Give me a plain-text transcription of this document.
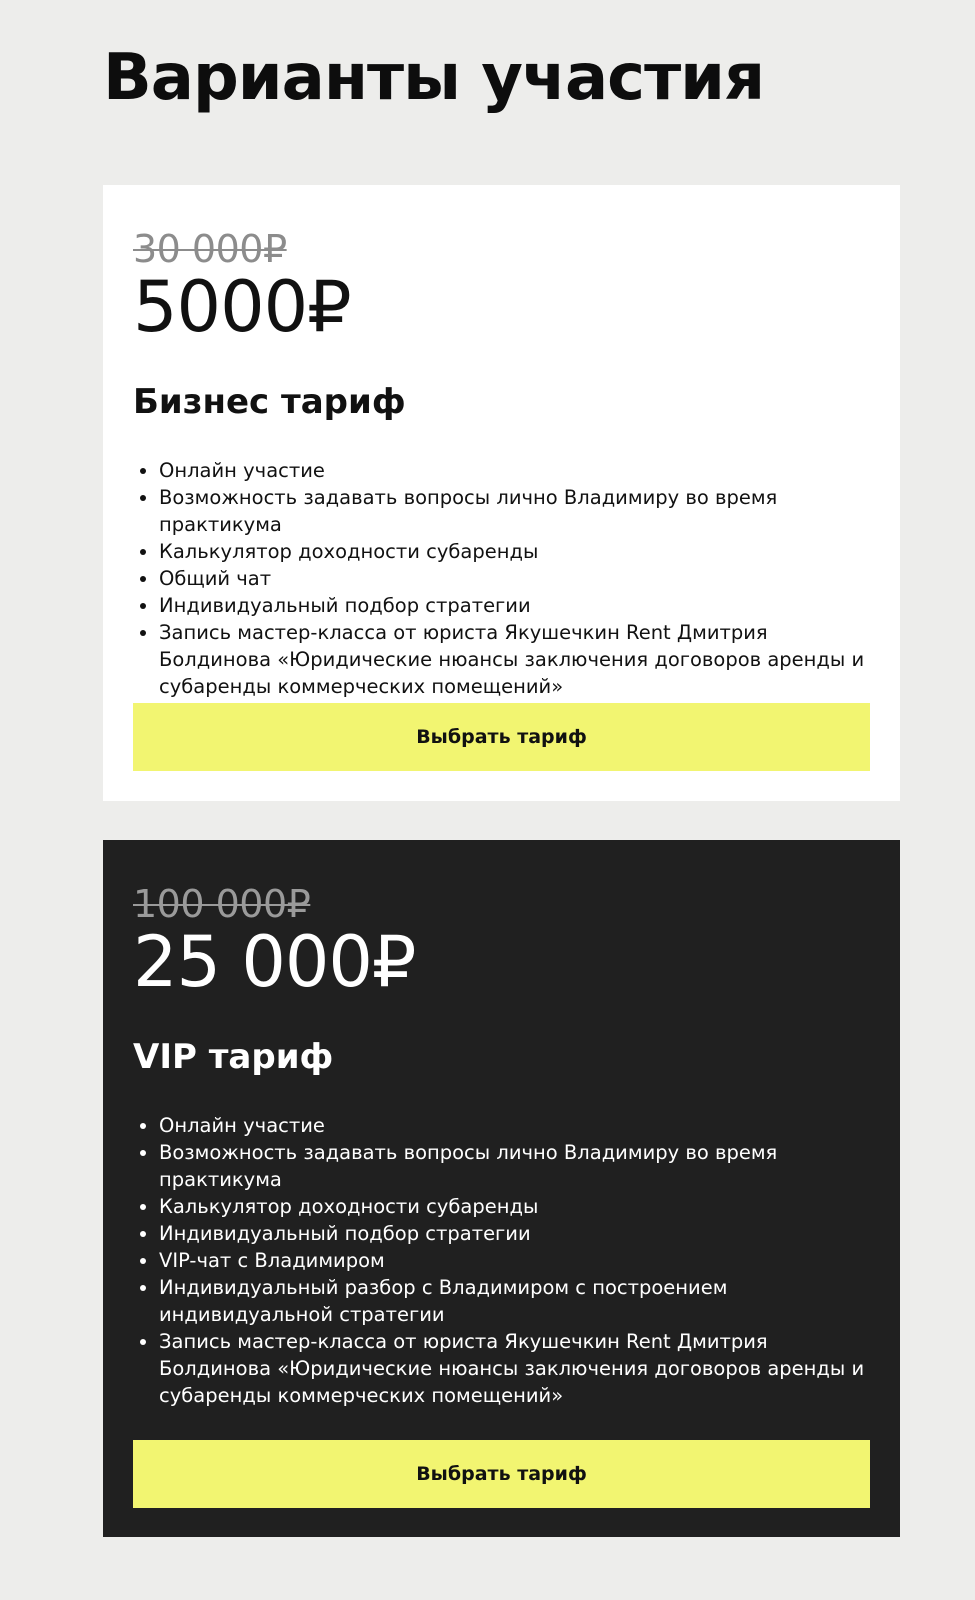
Варианты участия
30 000₽
5000₽
Бизнес тариф
• Онлайн участие
• Возможность задавать вопросы лично Владимиру во время практикума
• Калькулятор доходности субаренды
• Общий чат
• Индивидуальный подбор стратегии
• Запись мастер-класса от юриста Якушечкин Rent Дмитрия Болдинова «Юридические нюансы заключения договоров аренды и субаренды коммерческих помещений»
Выбрать тариф
100 000₽
25 000₽
VIP тариф
• Онлайн участие
• Возможность задавать вопросы лично Владимиру во время практикума
• Калькулятор доходности субаренды
• Индивидуальный подбор стратегии
• VIP-чат с Владимиром
• Индивидуальный разбор с Владимиром с построением индивидуальной стратегии
• Запись мастер-класса от юриста Якушечкин Rent Дмитрия Болдинова «Юридические нюансы заключения договоров аренды и субаренды коммерческих помещений»
Выбрать тариф
